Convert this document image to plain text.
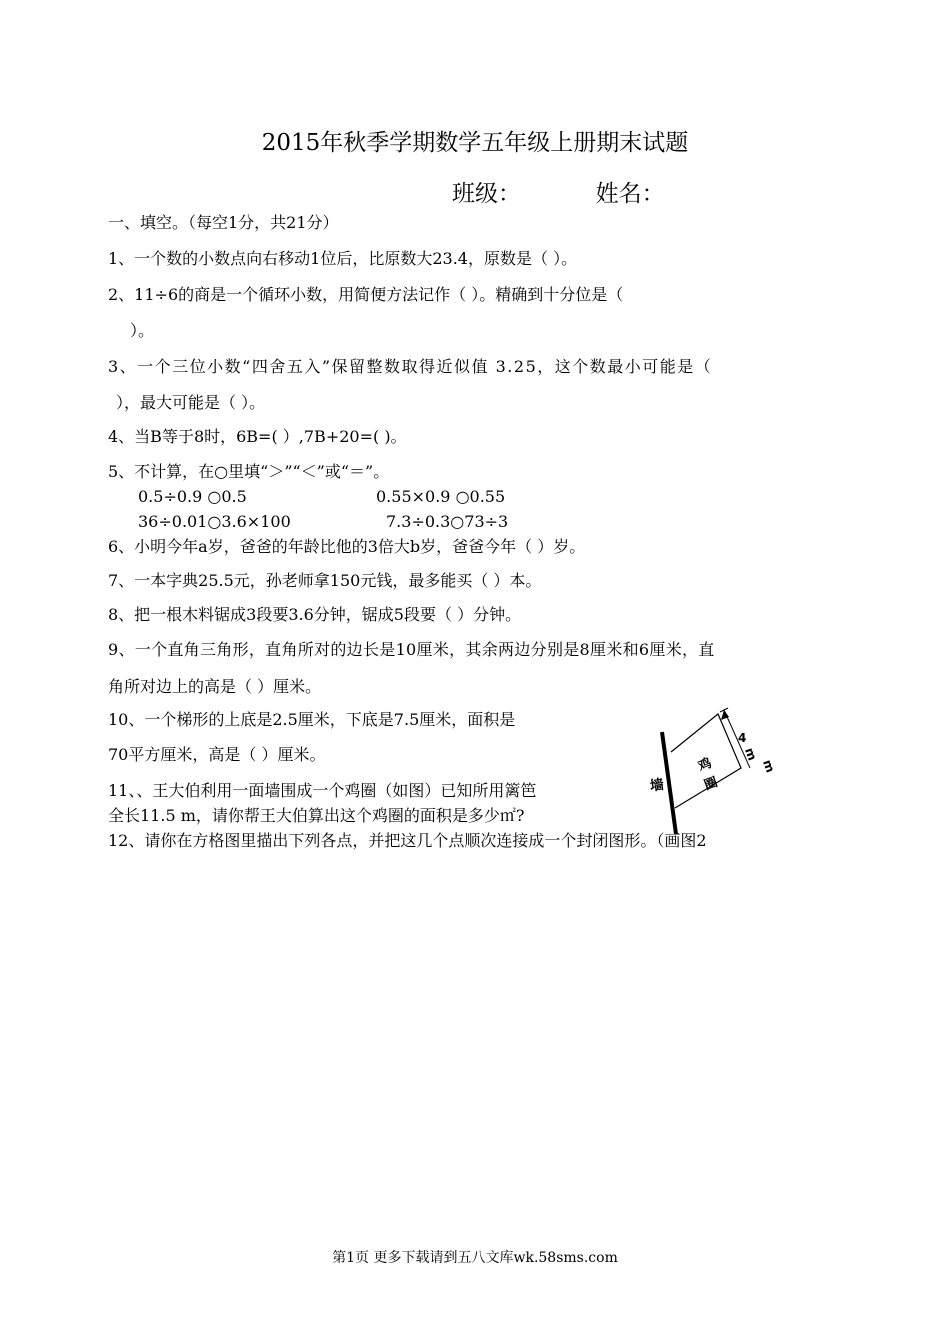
2015年秋季学期数学五年级上册期末试题
班级：	姓名：
一、填空。（每空1分，共21分）
1、一个数的小数点向右移动1位后，比原数大23.4，原数是（ ）。
2、11÷6的商是一个循环小数，用简便方法记作（ ）。精确到十分位是（
）。
3、一个三位小数“四舍五入”保留整数取得近似值 3.25，这个数最小可能是（
），最大可能是（ ）。
4、当B等于8时，6B=( ）,7B+20=( )。
5、不计算，在○里填“＞”“＜”或“＝”。
0.5÷0.9 ○0.5	0.55×0.9 ○0.55
36÷0.01○3.6×100	7.3÷0.3○73÷3
6、小明今年a岁，爸爸的年龄比他的3倍大b岁，爸爸今年（ ）岁。
7、一本字典25.5元，孙老师拿150元钱，最多能买（ ）本。
8、把一根木料锯成3段要3.6分钟，锯成5段要（ ）分钟。
9、一个直角三角形，直角所对的边长是10厘米，其余两边分别是8厘米和6厘米，直
角所对边上的高是（ ）厘米。
10、一个梯形的上底是2.5厘米，下底是7.5厘米，面积是
70平方厘米，高是（ ）厘米。
11、、王大伯利用一面墙围成一个鸡圈（如图）已知所用篱笆
全长11.5 m，请你帮王大伯算出这个鸡圈的面积是多少㎡?
12、请你在方格图里描出下列各点，并把这几个点顺次连接成一个封闭图形。（画图2
墙
鸡
圈
4
m
m
第1页 更多下载请到五八文库wk.58sms.com
